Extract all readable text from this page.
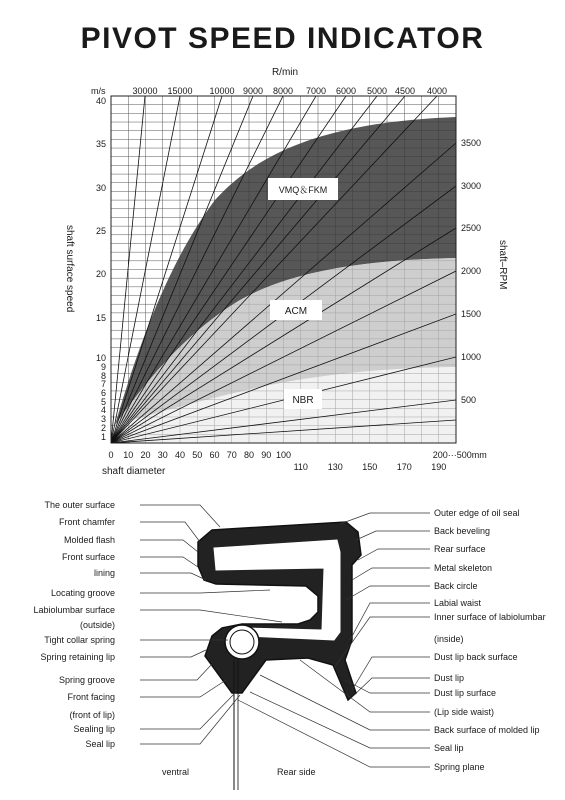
PIVOT SPEED INDICATOR
VMQ＆FKM
ACM
NBR
R/min
30000 15000 10000 9000 8000 7000 6000 5000 4500 4000
m/s
40
35
30
25
20
15
10
9
8
7
6
5
4
3
2
1
shaft surface speed
3500
3000
2500
2000
1500
1000
500
shaft–RPM
0 10 20 30 40 50 60 70 80 90 100	200···500mm
110 130 150 170 190
shaft diameter
The outer surface
Front chamfer
Molded flash
Front surface
lining
Locating groove
Labiolumbar surface
(outside)
Tight collar spring
Spring retaining lip
Spring groove
Front facing
(front of lip)
Sealing lip
Seal lip
Outer edge of oil seal
Back beveling
Rear surface
Metal skeleton
Back circle
Labial waist
Inner surface of labiolumbar
(inside)
Dust lip back surface
Dust lip
Dust lip surface
(Lip side waist)
Back surface of molded lip
Seal lip
Spring plane
ventral	Rear side
